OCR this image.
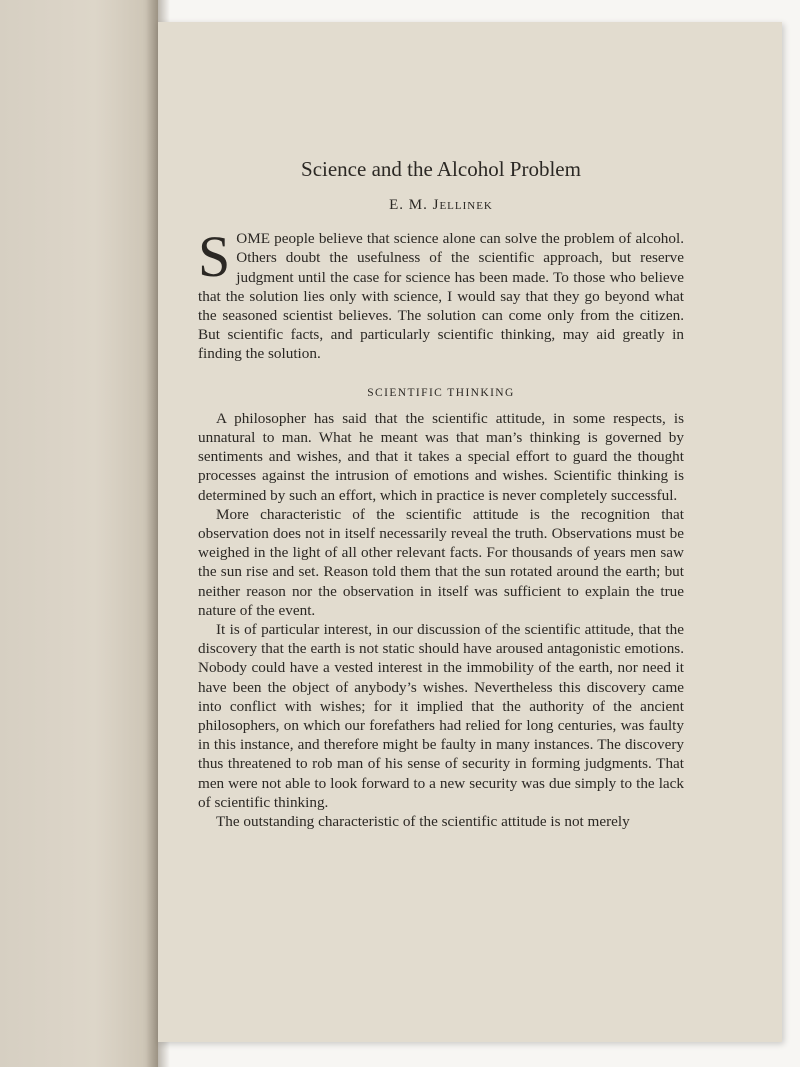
Science and the Alcohol Problem
E. M. Jellinek

SOME people believe that science alone can solve the problem of alcohol. Others doubt the usefulness of the scientific approach, but reserve judgment until the case for science has been made. To those who believe that the solution lies only with science, I would say that they go beyond what the seasoned scientist believes. The solution can come only from the citizen. But scientific facts, and particularly scientific thinking, may aid greatly in finding the solution.

SCIENTIFIC THINKING

A philosopher has said that the scientific attitude, in some respects, is unnatural to man. What he meant was that man’s thinking is governed by sentiments and wishes, and that it takes a special effort to guard the thought processes against the intrusion of emotions and wishes. Scientific thinking is determined by such an effort, which in practice is never completely successful.

More characteristic of the scientific attitude is the recognition that observation does not in itself necessarily reveal the truth. Observations must be weighed in the light of all other relevant facts. For thousands of years men saw the sun rise and set. Reason told them that the sun rotated around the earth; but neither reason nor the observation in itself was sufficient to explain the true nature of the event.

It is of particular interest, in our discussion of the scientific attitude, that the discovery that the earth is not static should have aroused antagonistic emotions. Nobody could have a vested interest in the immobility of the earth, nor need it have been the object of anybody’s wishes. Nevertheless this discovery came into conflict with wishes; for it implied that the authority of the ancient philosophers, on which our forefathers had relied for long centuries, was faulty in this instance, and therefore might be faulty in many instances. The discovery thus threatened to rob man of his sense of security in forming judgments. That men were not able to look forward to a new security was due simply to the lack of scientific thinking.

The outstanding characteristic of the scientific attitude is not merely
